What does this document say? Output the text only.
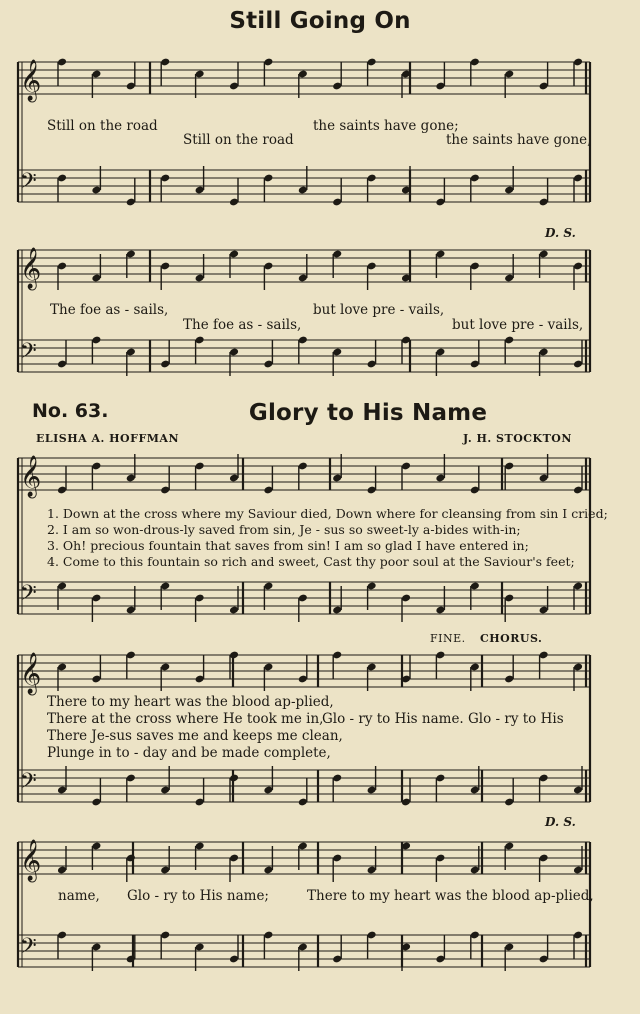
𝄞
𝄢
𝄞
𝄢
𝄞
𝄢
𝄞
𝄢
𝄞
𝄢
Still Going On
Still on the road
Still on the road
the saints have gone;
the saints have gone,
D. S.
The foe as - sails,
The foe as - sails,
but love pre - vails,
but love pre - vails,
No. 63.	Glory to His Name
ELISHA A. HOFFMAN	J. H. STOCKTON
1. Down at the cross where my Saviour died, Down where for cleansing from sin I cried;
2. I am so won-drous-ly saved from sin, Je - sus so sweet-ly a-bides with-in;
3. Oh! precious fountain that saves from sin! I am so glad I have entered in;
4. Come to this fountain so rich and sweet, Cast thy poor soul at the Saviour's feet;
FINE. CHORUS.
There to my heart was the blood ap-plied,
There at the cross where He took me in,
There Je-sus saves me and keeps me clean,
Plunge in to - day and be made complete,
Glo - ry to His name. Glo - ry to His
D. S.
name, Glo - ry to His name;	There to my heart was the blood ap-plied,
